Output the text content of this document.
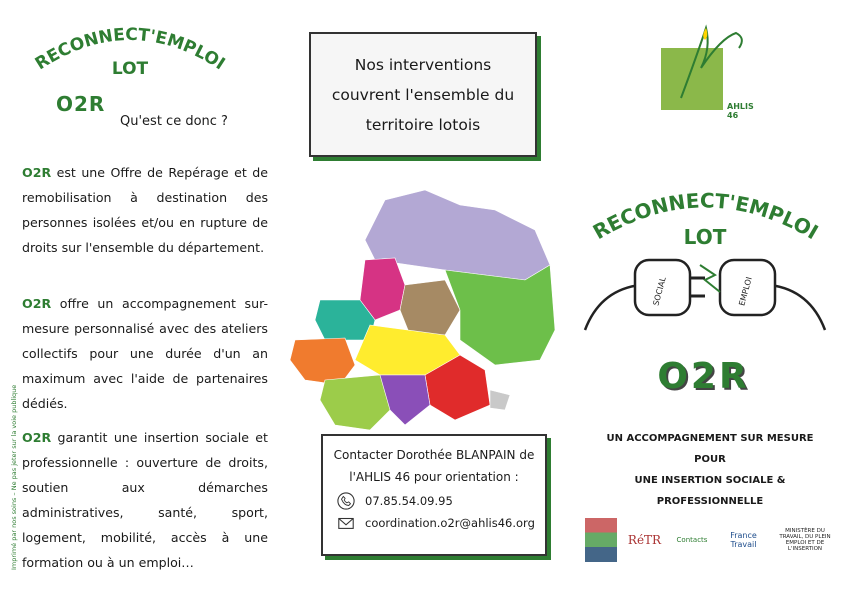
RECONNECT'EMPLOI
LOT
O2R
Qu'est ce donc ?

O2R est une Offre de Repérage et de remobilisation à destination des personnes isolées et/ou en rupture de droits sur l'ensemble du département.

O2R offre un accompagnement sur-mesure personnalisé avec des ateliers collectifs pour une durée d'un an maximum avec l'aide de partenaires dédiés.

O2R garantit une insertion sociale et professionnelle : ouverture de droits, soutien aux démarches administratives, santé, sport, logement, mobilité, accès à une formation ou à un emploi…

Imprimé par nos soins – Ne pas jeter sur la voie publique
Nos interventions
couvrent l'ensemble du
territoire lotois
Contacter Dorothée BLANPAIN de
l'AHLIS 46 pour orientation :
07.85.54.09.95
coordination.o2r@ahlis46.org
AHLIS 46
RECONNECT'EMPLOI
LOT
SOCIAL	EMPLOI
O2R
UN ACCOMPAGNEMENT SUR MESURE POUR
UNE INSERTION SOCIALE &
PROFESSIONNELLE
RéTR	Contacts	France Travail
MINISTÈRE DU TRAVAIL, DU PLEIN EMPLOI ET DE L'INSERTION
